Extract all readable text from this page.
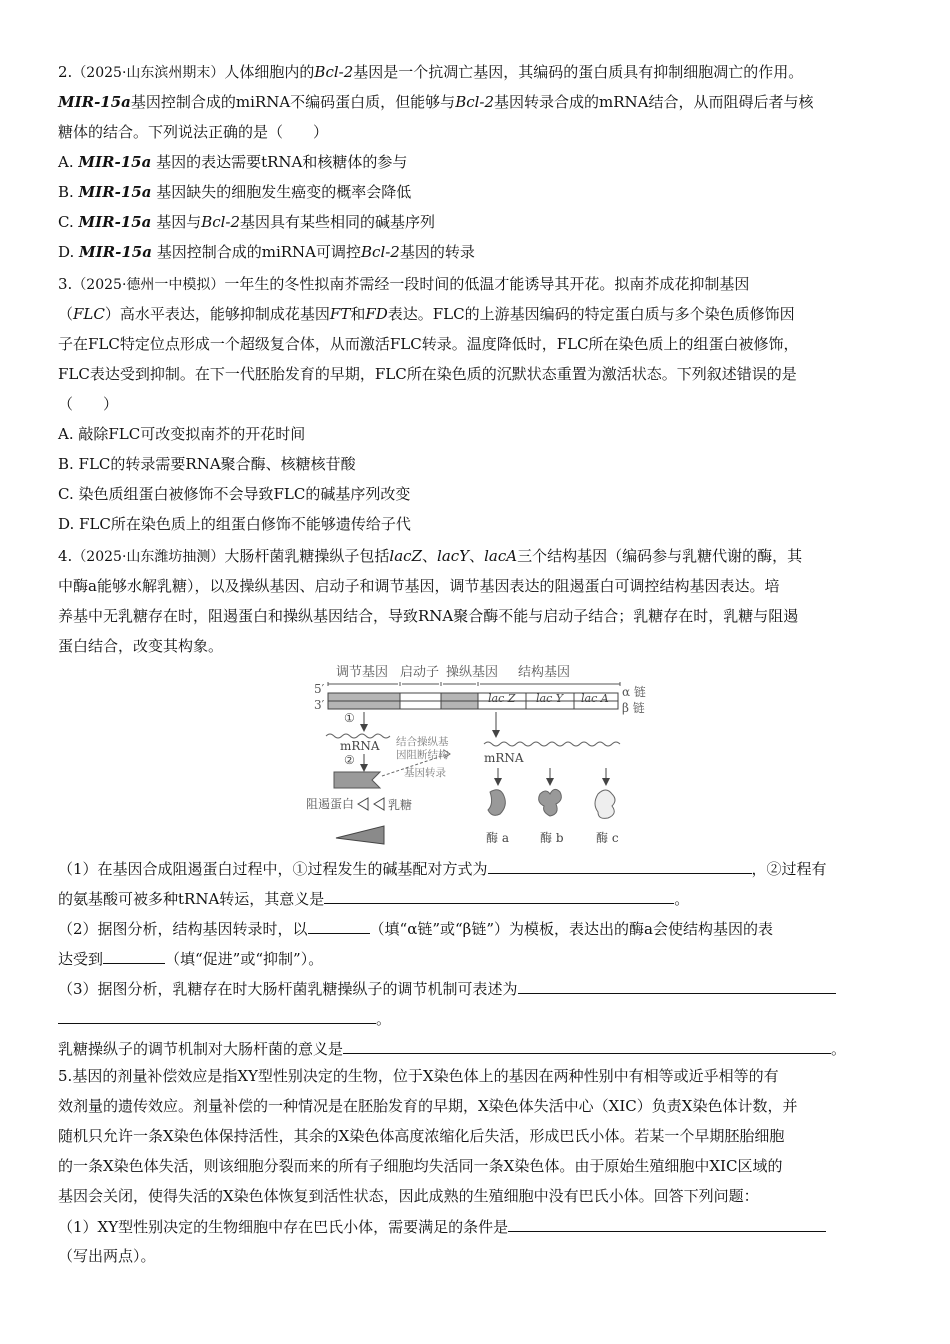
2.（2025·山东滨州期末）人体细胞内的Bcl-2基因是一个抗凋亡基因，其编码的蛋白质具有抑制细胞凋亡的作用。
MIR-15a基因控制合成的miRNA不编码蛋白质，但能够与Bcl-2基因转录合成的mRNA结合，从而阻碍后者与核
糖体的结合。下列说法正确的是（　　）
A. MIR-15a 基因的表达需要tRNA和核糖体的参与
B. MIR-15a 基因缺失的细胞发生癌变的概率会降低
C. MIR-15a 基因与Bcl-2基因具有某些相同的碱基序列
D. MIR-15a 基因控制合成的miRNA可调控Bcl-2基因的转录
3.（2025·德州一中模拟）一年生的冬性拟南芥需经一段时间的低温才能诱导其开花。拟南芥成花抑制基因
（FLC）高水平表达，能够抑制成花基因FT和FD表达。FLC的上游基因编码的特定蛋白质与多个染色质修饰因
子在FLC特定位点形成一个超级复合体，从而激活FLC转录。温度降低时，FLC所在染色质上的组蛋白被修饰，
FLC表达受到抑制。在下一代胚胎发育的早期，FLC所在染色质的沉默状态重置为激活状态。下列叙述错误的是
（　　）
A. 敲除FLC可改变拟南芥的开花时间
B. FLC的转录需要RNA聚合酶、核糖核苷酸
C. 染色质组蛋白被修饰不会导致FLC的碱基序列改变
D. FLC所在染色质上的组蛋白修饰不能够遗传给子代
4.（2025·山东潍坊抽测）大肠杆菌乳糖操纵子包括lacZ、lacY、lacA三个结构基因（编码参与乳糖代谢的酶，其
中酶a能够水解乳糖），以及操纵基因、启动子和调节基因，调节基因表达的阻遏蛋白可调控结构基因表达。培
养基中无乳糖存在时，阻遏蛋白和操纵基因结合，导致RNA聚合酶不能与启动子结合；乳糖存在时，乳糖与阻遏
蛋白结合，改变其构象。
调节基因 启动子 操纵基因 结构基因
5′
3′	lac Z lac Y lac A α 链
β 链
①
mRNA
②
结合操纵基
因阻断结构
基因转录
阻遏蛋白	乳糖
mRNA
酶 a	酶 b	酶 c
（1）在基因合成阻遏蛋白过程中，①过程发生的碱基配对方式为	，②过程有
的氨基酸可被多种tRNA转运，其意义是	。
（2）据图分析，结构基因转录时，以	（填“α链”或“β链”）为模板，表达出的酶a会使结构基因的表
达受到	（填“促进”或“抑制”）。
（3）据图分析，乳糖存在时大肠杆菌乳糖操纵子的调节机制可表述为
。
乳糖操纵子的调节机制对大肠杆菌的意义是	。
5.基因的剂量补偿效应是指XY型性别决定的生物，位于X染色体上的基因在两种性别中有相等或近乎相等的有
效剂量的遗传效应。剂量补偿的一种情况是在胚胎发育的早期，X染色体失活中心（XIC）负责X染色体计数，并
随机只允许一条X染色体保持活性，其余的X染色体高度浓缩化后失活，形成巴氏小体。若某一个早期胚胎细胞
的一条X染色体失活，则该细胞分裂而来的所有子细胞均失活同一条X染色体。由于原始生殖细胞中XIC区域的
基因会关闭，使得失活的X染色体恢复到活性状态，因此成熟的生殖细胞中没有巴氏小体。回答下列问题：
（1）XY型性别决定的生物细胞中存在巴氏小体，需要满足的条件是
（写出两点）。
